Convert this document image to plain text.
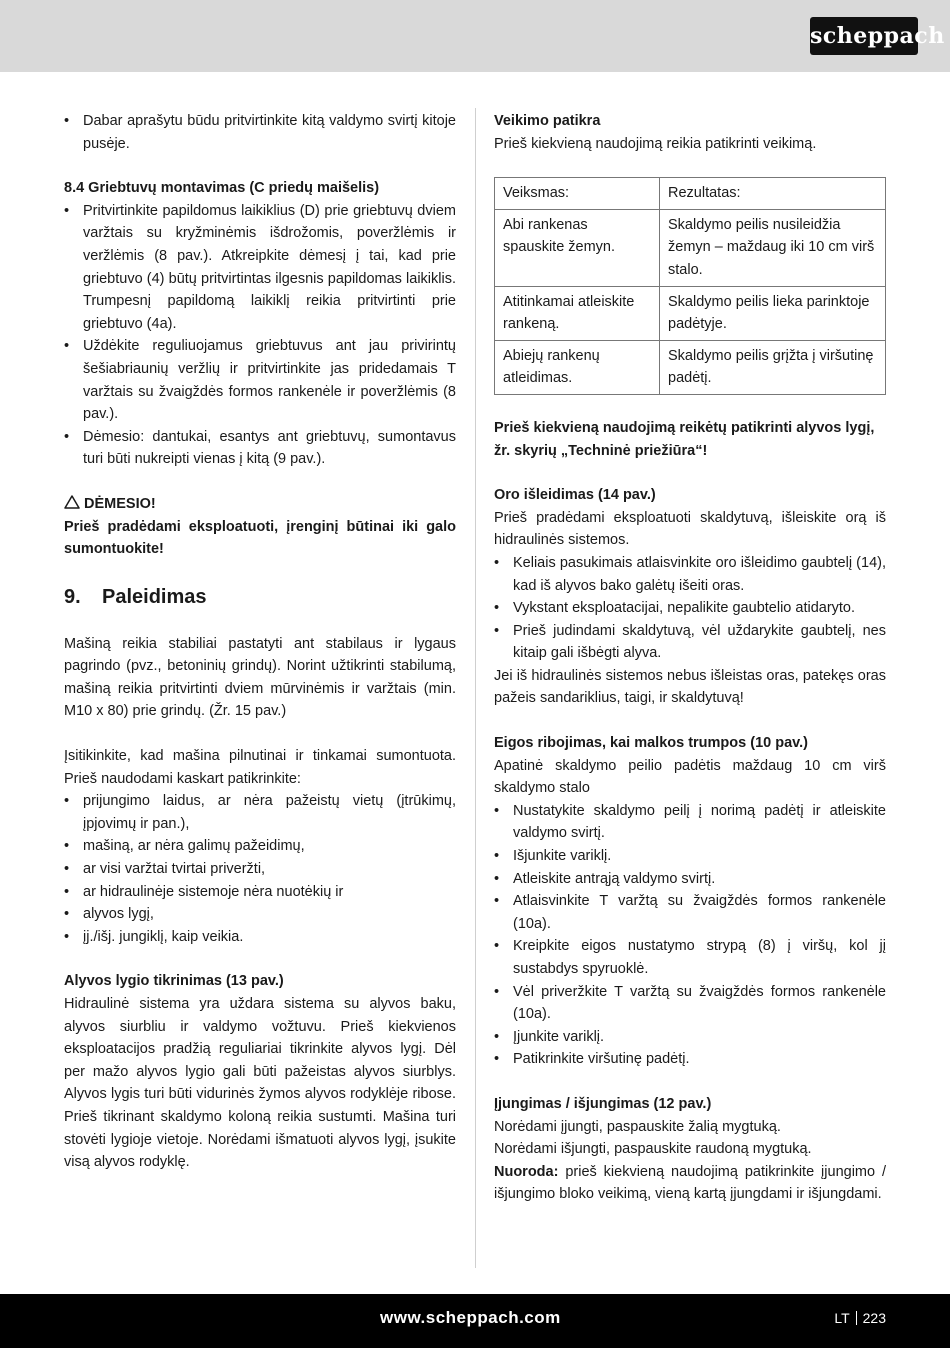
scheppach
• Dabar aprašytu būdu pritvirtinkite kitą valdymo svirtį kitoje pusėje.

8.4 Griebtuvų montavimas (C priedų maišelis)

• Pritvirtinkite papildomus laikiklius (D) prie griebtuvų dviem varžtais su kryžminėmis išdrožomis, poveržlėmis ir veržlėmis (8 pav.). Atkreipkite dėmesį į tai, kad prie griebtuvo (4) būtų pritvirtintas ilgesnis papildomas laikiklis. Trumpesnį papildomą laikiklį reikia pritvirtinti prie griebtuvo (4a).
• Uždėkite reguliuojamus griebtuvus ant jau privirintų šešiabriaunių veržlių ir pritvirtinkite jas pridedamais T varžtais su žvaigždės formos rankenėle ir poveržlėmis (8 pav.).
• Dėmesio: dantukai, esantys ant griebtuvų, sumontavus turi būti nukreipti vienas į kitą (9 pav.).

DĖMESIO!

Prieš pradėdami eksploatuoti, įrenginį būtinai iki galo sumontuokite!

9. Paleidimas

Mašiną reikia stabiliai pastatyti ant stabilaus ir lygaus pagrindo (pvz., betoninių grindų). Norint užtikrinti stabilumą, mašiną reikia pritvirtinti dviem mūrvinėmis ir varžtais (min. M10 x 80) prie grindų. (Žr. 15 pav.)

Įsitikinkite, kad mašina pilnutinai ir tinkamai sumontuota. Prieš naudodami kaskart patikrinkite:

• prijungimo laidus, ar nėra pažeistų vietų (įtrūkimų, įpjovimų ir pan.),
• mašiną, ar nėra galimų pažeidimų,
• ar visi varžtai tvirtai priveržti,
• ar hidraulinėje sistemoje nėra nuotėkių ir
• alyvos lygį,
• įj./išj. jungiklį, kaip veikia.

Alyvos lygio tikrinimas (13 pav.)

Hidraulinė sistema yra uždara sistema su alyvos baku, alyvos siurbliu ir valdymo vožtuvu. Prieš kiekvienos eksploatacijos pradžią reguliariai tikrinkite alyvos lygį. Dėl per mažo alyvos lygio gali būti pažeistas alyvos siurblys. Alyvos lygis turi būti vidurinės žymos alyvos rodyklėje ribose. Prieš tikrinant skaldymo koloną reikia sustumti. Mašina turi stovėti lygioje vietoje. Norėdami išmatuoti alyvos lygį, įsukite visą alyvos rodyklę.

Veikimo patikra

Prieš kiekvieną naudojimą reikia patikrinti veikimą.

Veiksmas:	Rezultatas:
Abi rankenas spauskite žemyn.	Skaldymo peilis nusileidžia žemyn – maždaug iki 10 cm virš stalo.
Atitinkamai atleiskite rankeną.	Skaldymo peilis lieka parinktoje padėtyje.
Abiejų rankenų atleidimas.	Skaldymo peilis grįžta į viršutinę padėtį.

Prieš kiekvieną naudojimą reikėtų patikrinti alyvos lygį, žr. skyrių „Techninė priežiūra“!

Oro išleidimas (14 pav.)

Prieš pradėdami eksploatuoti skaldytuvą, išleiskite orą iš hidraulinės sistemos.

• Keliais pasukimais atlaisvinkite oro išleidimo gaubtelį (14), kad iš alyvos bako galėtų išeiti oras.
• Vykstant eksploatacijai, nepalikite gaubtelio atidaryto.
• Prieš judindami skaldytuvą, vėl uždarykite gaubtelį, nes kitaip gali išbėgti alyva.

Jei iš hidraulinės sistemos nebus išleistas oras, patekęs oras pažeis sandariklius, taigi, ir skaldytuvą!

Eigos ribojimas, kai malkos trumpos (10 pav.)

Apatinė skaldymo peilio padėtis maždaug 10 cm virš skaldymo stalo

• Nustatykite skaldymo peilį į norimą padėtį ir atleiskite valdymo svirtį.
• Išjunkite variklį.
• Atleiskite antrąją valdymo svirtį.
• Atlaisvinkite T varžtą su žvaigždės formos rankenėle (10a).
• Kreipkite eigos nustatymo strypą (8) į viršų, kol jį sustabdys spyruoklė.
• Vėl priveržkite T varžtą su žvaigždės formos rankenėle (10a).
• Įjunkite variklį.
• Patikrinkite viršutinę padėtį.

Įjungimas / išjungimas (12 pav.)

Norėdami įjungti, paspauskite žalią mygtuką.

Norėdami išjungti, paspauskite raudoną mygtuką.

Nuoroda: prieš kiekvieną naudojimą patikrinkite įjungimo / išjungimo bloko veikimą, vieną kartą įjungdami ir išjungdami.

www.scheppach.com	LT 223
